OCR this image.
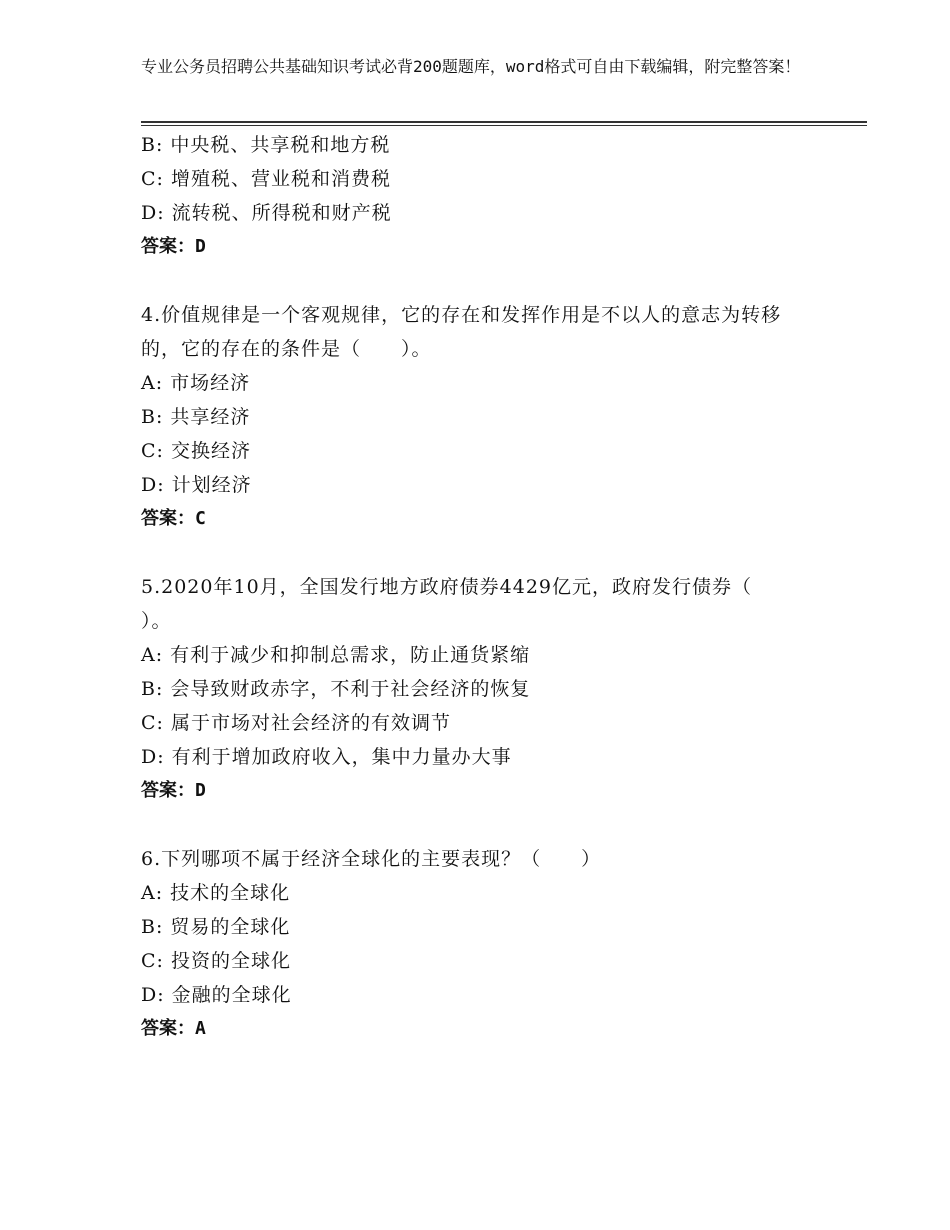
专业公务员招聘公共基础知识考试必背200题题库，word格式可自由下载编辑，附完整答案！
B: 中央税、共享税和地方税
C: 增殖税、营业税和消费税
D: 流转税、所得税和财产税
答案：D
4.价值规律是一个客观规律，它的存在和发挥作用是不以人的意志为转移的，它的存在的条件是（　　）。
A: 市场经济
B: 共享经济
C: 交换经济
D: 计划经济
答案：C
5.2020年10月，全国发行地方政府债券4429亿元，政府发行债券（　　）。
A: 有利于减少和抑制总需求，防止通货紧缩
B: 会导致财政赤字，不利于社会经济的恢复
C: 属于市场对社会经济的有效调节
D: 有利于增加政府收入，集中力量办大事
答案：D
6.下列哪项不属于经济全球化的主要表现？（　　）
A: 技术的全球化
B: 贸易的全球化
C: 投资的全球化
D: 金融的全球化
答案：A
